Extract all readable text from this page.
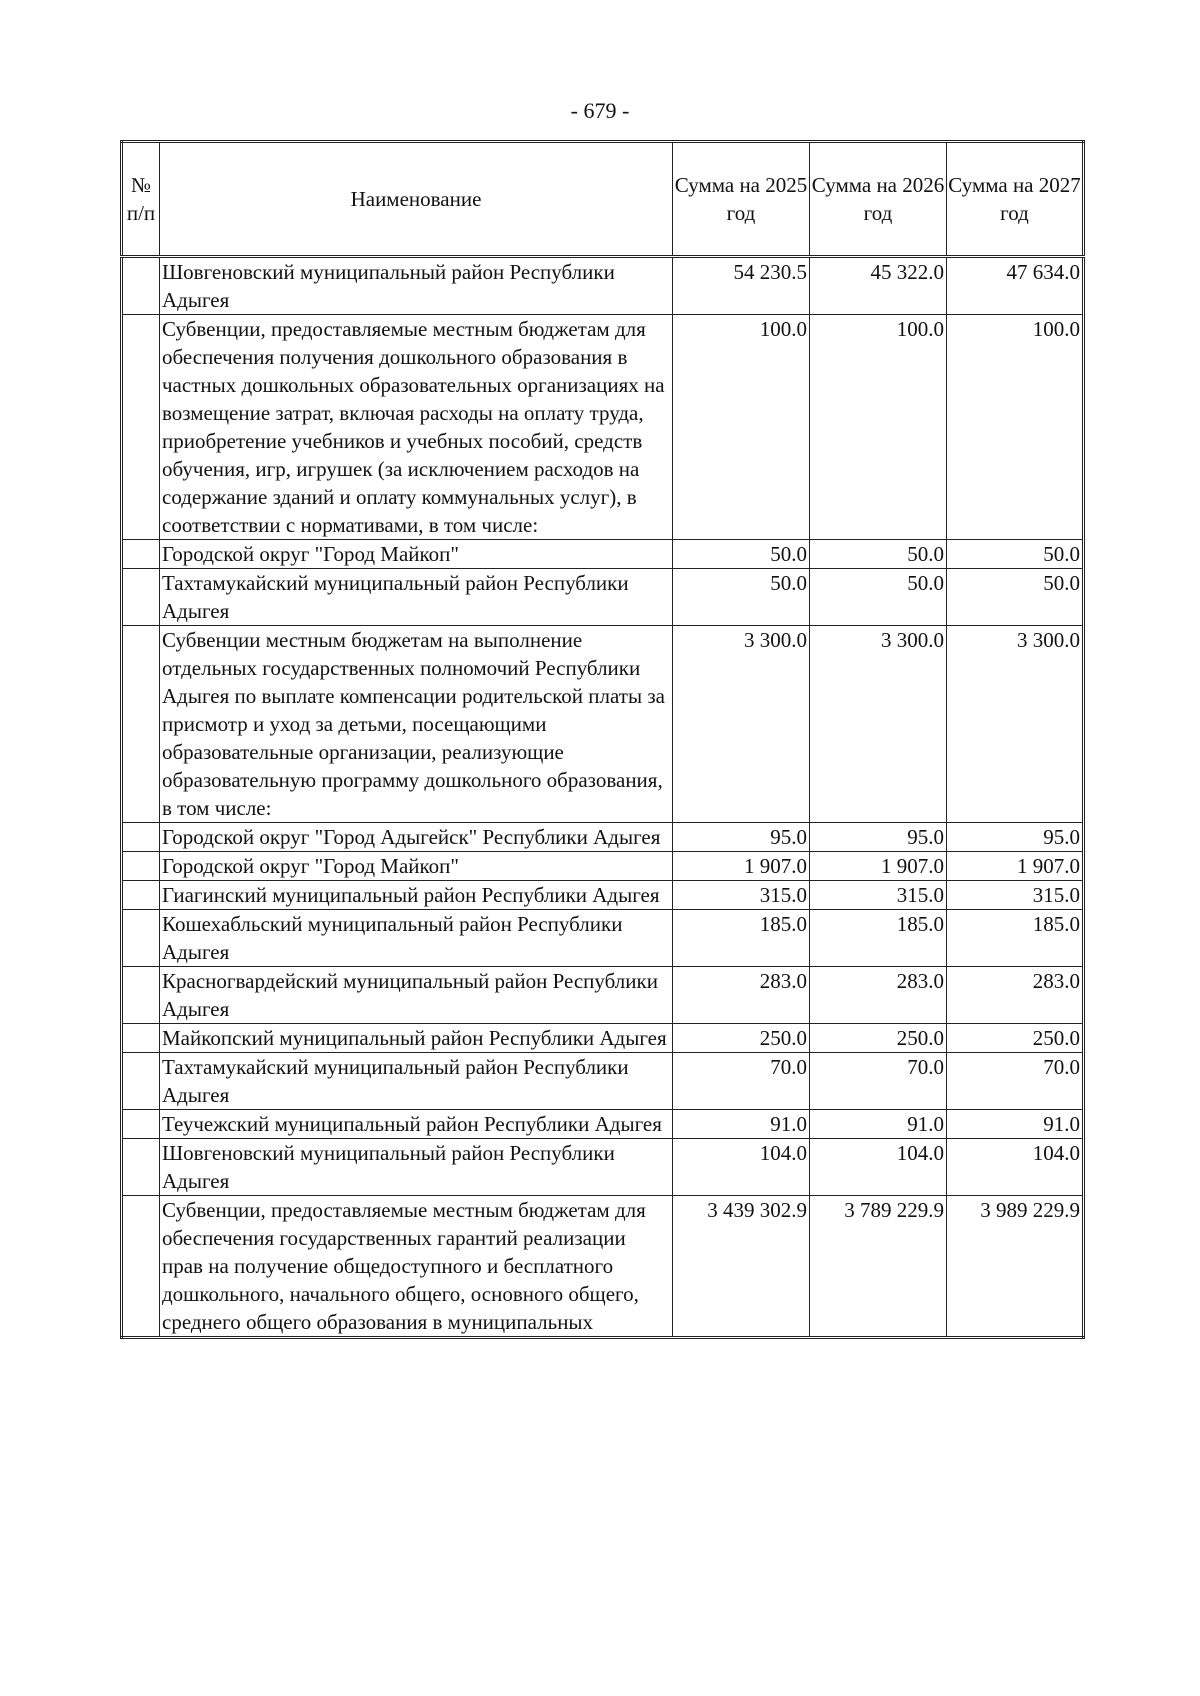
- 679 -
№ п/п	Наименование	Сумма на 2025 год	Сумма на 2026 год	Сумма на 2027 год
	Шовгеновский муниципальный район Республики Адыгея	54 230.5	45 322.0	47 634.0
	Субвенции, предоставляемые местным бюджетам для обеспечения получения дошкольного образования в частных дошкольных образовательных организациях на возмещение затрат, включая расходы на оплату труда, приобретение учебников и учебных пособий, средств обучения, игр, игрушек (за исключением расходов на содержание зданий и оплату коммунальных услуг), в соответствии с нормативами, в том числе:	100.0	100.0	100.0
	Городской округ "Город Майкоп"	50.0	50.0	50.0
	Тахтамукайский муниципальный район Республики Адыгея	50.0	50.0	50.0
	Субвенции местным бюджетам на выполнение отдельных государственных полномочий Республики Адыгея по выплате компенсации родительской платы за присмотр и уход за детьми, посещающими образовательные организации, реализующие образовательную программу дошкольного образования, в том числе:	3 300.0	3 300.0	3 300.0
	Городской округ "Город Адыгейск" Республики Адыгея	95.0	95.0	95.0
	Городской округ "Город Майкоп"	1 907.0	1 907.0	1 907.0
	Гиагинский муниципальный район Республики Адыгея	315.0	315.0	315.0
	Кошехабльский муниципальный район Республики Адыгея	185.0	185.0	185.0
	Красногвардейский муниципальный район Республики Адыгея	283.0	283.0	283.0
	Майкопский муниципальный район Республики Адыгея	250.0	250.0	250.0
	Тахтамукайский муниципальный район Республики Адыгея	70.0	70.0	70.0
	Теучежский муниципальный район Республики Адыгея	91.0	91.0	91.0
	Шовгеновский муниципальный район Республики Адыгея	104.0	104.0	104.0
	Субвенции, предоставляемые местным бюджетам для обеспечения государственных гарантий реализации прав на получение общедоступного и бесплатного дошкольного, начального общего, основного общего, среднего общего образования в муниципальных	3 439 302.9	3 789 229.9	3 989 229.9
